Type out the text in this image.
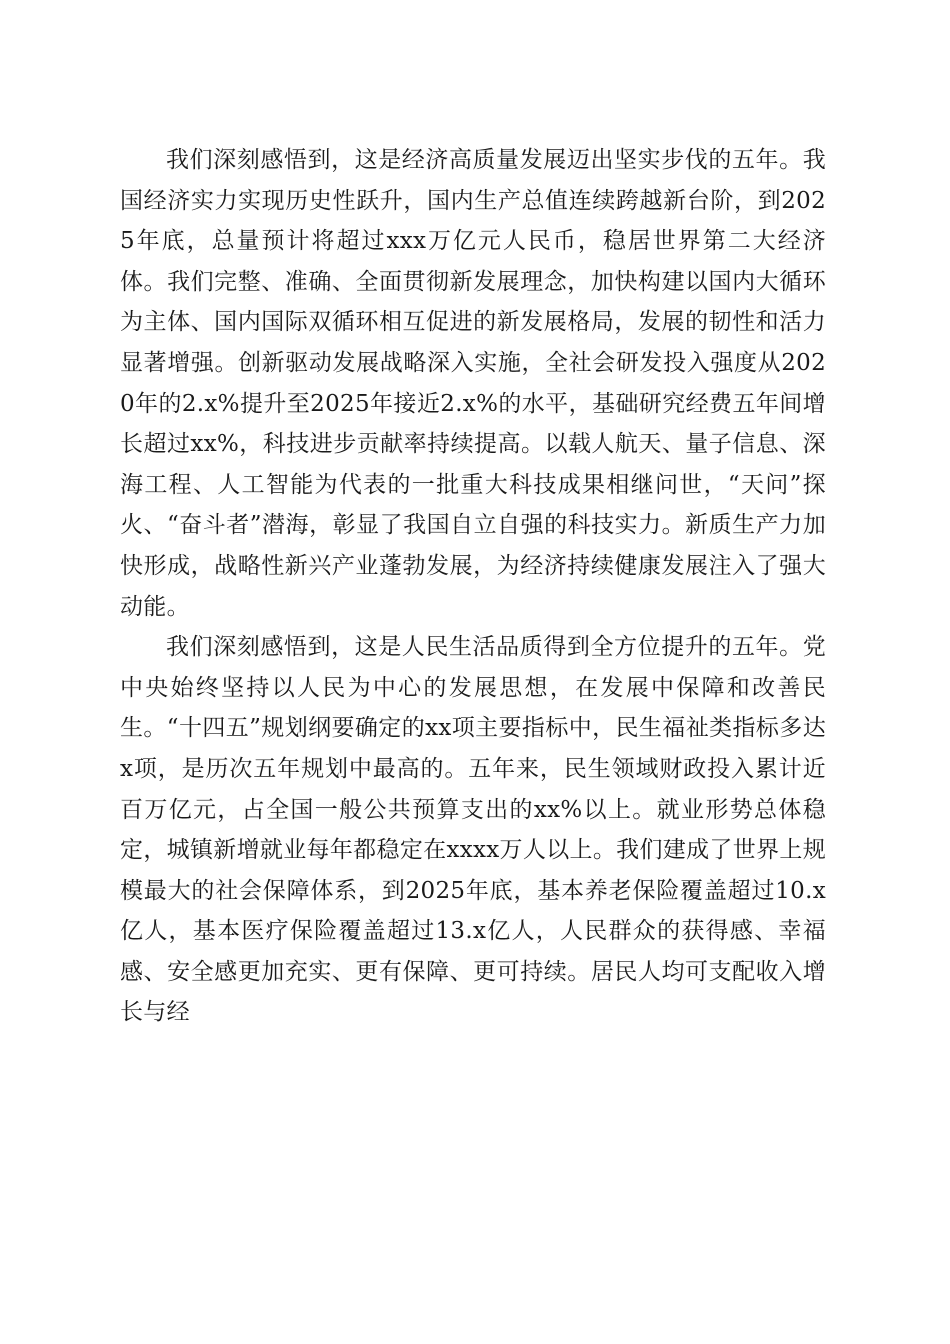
我们深刻感悟到，这是经济高质量发展迈出坚实步伐的五年。我国经济实力实现历史性跃升，国内生产总值连续跨越新台阶，到2025年底，总量预计将超过xxx万亿元人民币，稳居世界第二大经济体。我们完整、准确、全面贯彻新发展理念，加快构建以国内大循环为主体、国内国际双循环相互促进的新发展格局，发展的韧性和活力显著增强。创新驱动发展战略深入实施，全社会研发投入强度从2020年的2.x%提升至2025年接近2.x%的水平，基础研究经费五年间增长超过xx%，科技进步贡献率持续提高。以载人航天、量子信息、深海工程、人工智能为代表的一批重大科技成果相继问世，“天问”探火、“奋斗者”潜海，彰显了我国自立自强的科技实力。新质生产力加快形成，战略性新兴产业蓬勃发展，为经济持续健康发展注入了强大动能。

我们深刻感悟到，这是人民生活品质得到全方位提升的五年。党中央始终坚持以人民为中心的发展思想，在发展中保障和改善民生。“十四五”规划纲要确定的xx项主要指标中，民生福祉类指标多达x项，是历次五年规划中最高的。五年来，民生领域财政投入累计近百万亿元，占全国一般公共预算支出的xx%以上。就业形势总体稳定，城镇新增就业每年都稳定在xxxx万人以上。我们建成了世界上规模最大的社会保障体系，到2025年底，基本养老保险覆盖超过10.x亿人，基本医疗保险覆盖超过13.x亿人，人民群众的获得感、幸福感、安全感更加充实、更有保障、更可持续。居民人均可支配收入增长与经
